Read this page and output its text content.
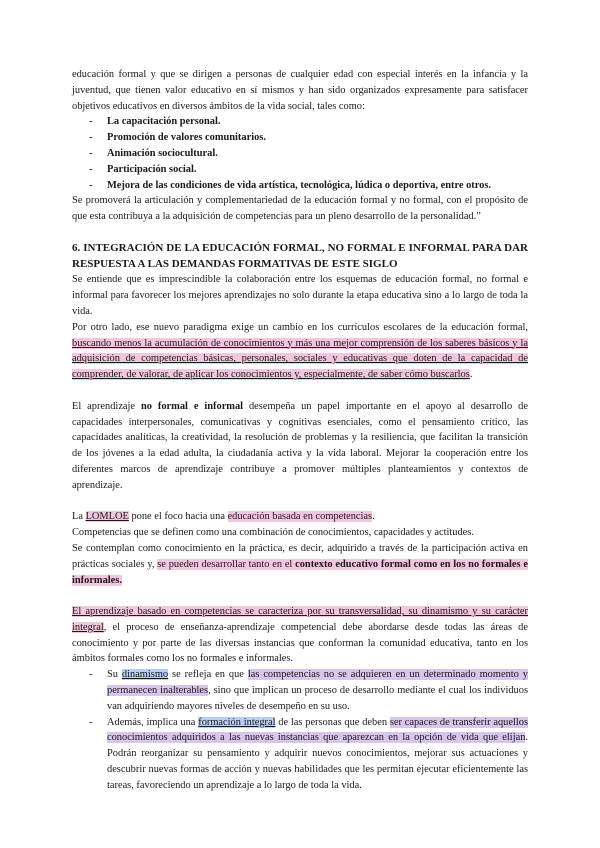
educación formal y que se dirigen a personas de cualquier edad con especial interés en la infancia y la juventud, que tienen valor educativo en sí mismos y han sido organizados expresamente para satisfacer objetivos educativos en diversos ámbitos de la vida social, tales como:

- La capacitación personal.
- Promoción de valores comunitarios.
- Animación sociocultural.
- Participación social.
- Mejora de las condiciones de vida artística, tecnológica, lúdica o deportiva, entre otros.

Se promoverá la articulación y complementariedad de la educación formal y no formal, con el propósito de que esta contribuya a la adquisición de competencias para un pleno desarrollo de la personalidad.”

6. INTEGRACIÓN DE LA EDUCACIÓN FORMAL, NO FORMAL E INFORMAL PARA DAR RESPUESTA A LAS DEMANDAS FORMATIVAS DE ESTE SIGLO

Se entiende que es imprescindible la colaboración entre los esquemas de educación formal, no formal e informal para favorecer los mejores aprendizajes no solo durante la etapa educativa sino a lo largo de toda la vida.

Por otro lado, ese nuevo paradigma exige un cambio en los currículos escolares de la educación formal, buscando menos la acumulación de conocimientos y más una mejor comprensión de los saberes básicos y la adquisición de competencias básicas, personales, sociales y educativas que doten de la capacidad de comprender, de valorar, de aplicar los conocimientos y, especialmente, de saber cómo buscarlos.

El aprendizaje no formal e informal desempeña un papel importante en el apoyo al desarrollo de capacidades interpersonales, comunicativas y cognitivas esenciales, como el pensamiento crítico, las capacidades analíticas, la creatividad, la resolución de problemas y la resiliencia, que facilitan la transición de los jóvenes a la edad adulta, la ciudadanía activa y la vida laboral. Mejorar la cooperación entre los diferentes marcos de aprendizaje contribuye a promover múltiples planteamientos y contextos de aprendizaje.

La LOMLOE pone el foco hacia una educación basada en competencias.

Competencias que se definen como una combinación de conocimientos, capacidades y actitudes.

Se contemplan como conocimiento en la práctica, es decir, adquirido a través de la participación activa en prácticas sociales y, se pueden desarrollar tanto en el contexto educativo formal como en los no formales e informales.

El aprendizaje basado en competencias se caracteriza por su transversalidad, su dinamismo y su carácter integral, el proceso de enseñanza-aprendizaje competencial debe abordarse desde todas las áreas de conocimiento y por parte de las diversas instancias que conforman la comunidad educativa, tanto en los ámbitos formales como los no formales e informales.

- Su dinamismo se refleja en que las competencias no se adquieren en un determinado momento y permanecen inalterables, sino que implican un proceso de desarrollo mediante el cual los individuos van adquiriendo mayores niveles de desempeño en su uso.
- Además, implica una formación integral de las personas que deben ser capaces de transferir aquellos conocimientos adquiridos a las nuevas instancias que aparezcan en la opción de vida que elijan. Podrán reorganizar su pensamiento y adquirir nuevos conocimientos, mejorar sus actuaciones y descubrir nuevas formas de acción y nuevas habilidades que les permitan ejecutar eficientemente las tareas, favoreciendo un aprendizaje a lo largo de toda la vida.
